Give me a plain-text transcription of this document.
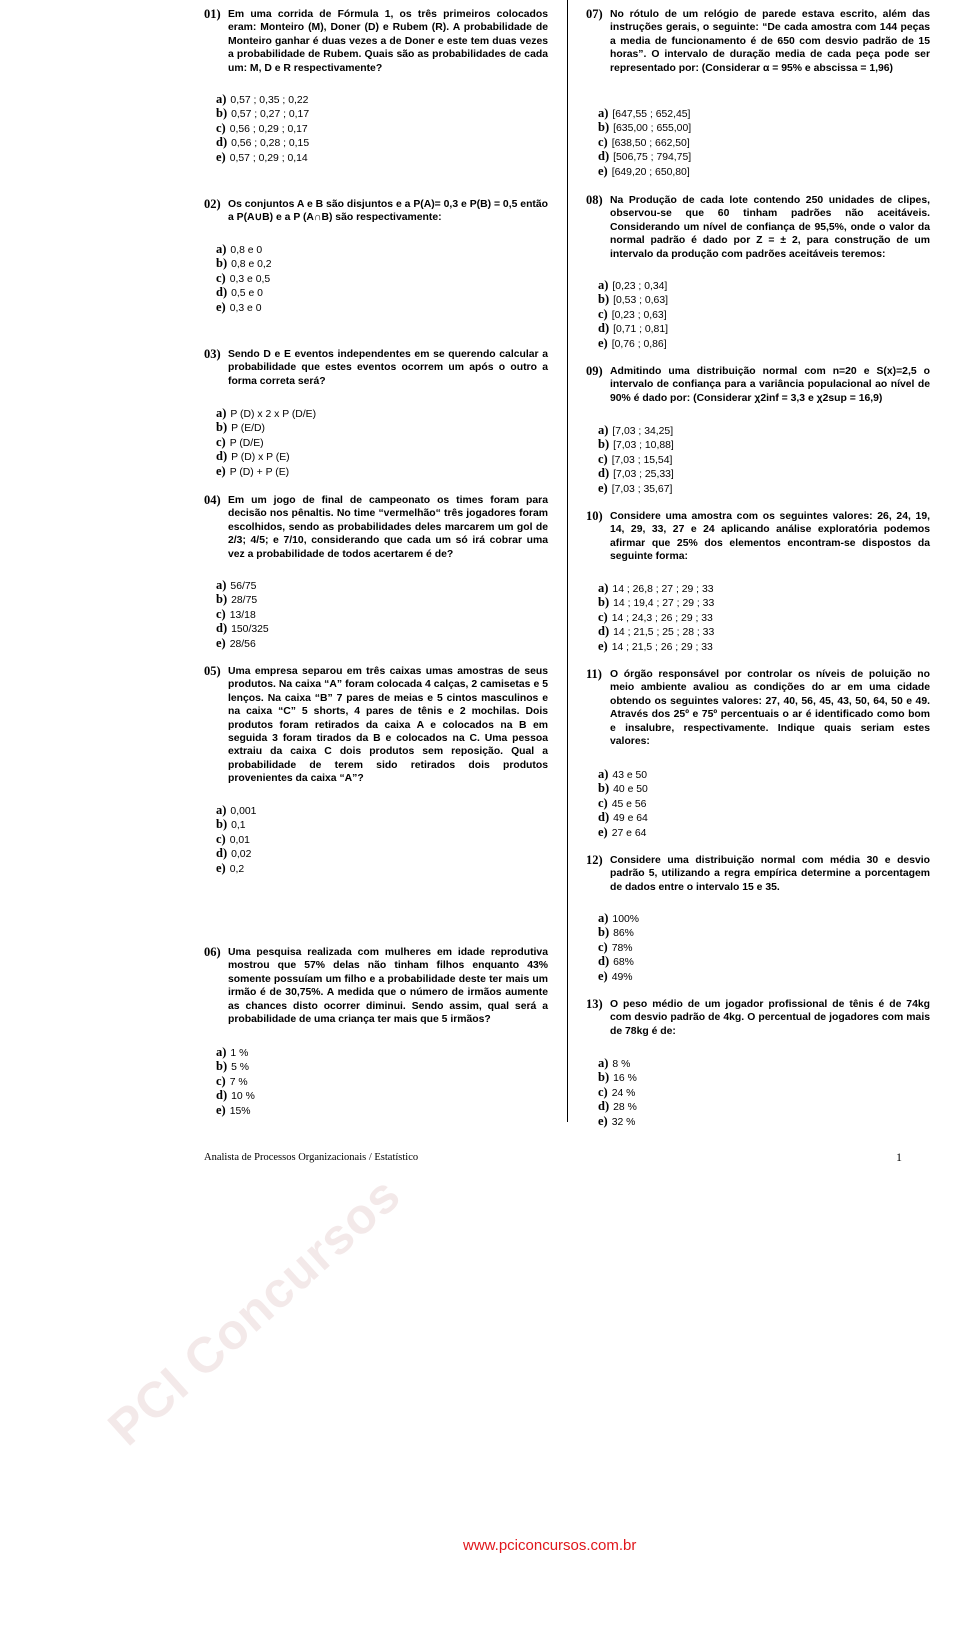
PCI Concursos
Analista de Processos Organizacionais / Estatístico	1
www.pciconcursos.com.br
01) Em uma corrida de Fórmula 1, os três primeiros colocados eram: Monteiro (M), Doner (D) e Rubem (R). A probabilidade de Monteiro ganhar é duas vezes a de Doner e este tem duas vezes a probabilidade de Rubem. Quais são as probabilidades de cada um: M, D e R respectivamente?
a) 0,57 ; 0,35 ; 0,22
b) 0,57 ; 0,27 ; 0,17
c) 0,56 ; 0,29 ; 0,17
d) 0,56 ; 0,28 ; 0,15
e) 0,57 ; 0,29 ; 0,14
02) Os conjuntos A e B são disjuntos e a P(A)= 0,3 e P(B) = 0,5 então a P(A∪B) e a P (A∩B) são respectivamente:
a) 0,8 e 0
b) 0,8 e 0,2
c) 0,3 e 0,5
d) 0,5 e 0
e) 0,3 e 0
03) Sendo D e E eventos independentes em se querendo calcular a probabilidade que estes eventos ocorrem um após o outro a forma correta será?
a) P (D) x 2 x P (D/E)
b) P (E/D)
c) P (D/E)
d) P (D) x P (E)
e) P (D) + P (E)
04) Em um jogo de final de campeonato os times foram para decisão nos pênaltis. No time “vermelhão“ três jogadores foram escolhidos, sendo as probabilidades deles marcarem um gol de 2/3; 4/5; e 7/10, considerando que cada um só irá cobrar uma vez a probabilidade de todos acertarem é de?
a) 56/75
b) 28/75
c) 13/18
d) 150/325
e) 28/56
05) Uma empresa separou em três caixas umas amostras de seus produtos. Na caixa “A” foram colocada 4 calças, 2 camisetas e 5 lenços. Na caixa “B” 7 pares de meias e 5 cintos masculinos e na caixa “C” 5 shorts, 4 pares de tênis e 2 mochilas. Dois produtos foram retirados da caixa A e colocados na B em seguida 3 foram tirados da B e colocados na C. Uma pessoa extraiu da caixa C dois produtos sem reposição. Qual a probabilidade de terem sido retirados dois produtos provenientes da caixa “A”?
a) 0,001
b) 0,1
c) 0,01
d) 0,02
e) 0,2
06) Uma pesquisa realizada com mulheres em idade reprodutiva mostrou que 57% delas não tinham filhos enquanto 43% somente possuíam um filho e a probabilidade deste ter mais um irmão é de 30,75%. A medida que o número de irmãos aumente as chances disto ocorrer diminui. Sendo assim, qual será a probabilidade de uma criança ter mais que 5 irmãos?
a) 1 %
b) 5 %
c) 7 %
d) 10 %
e) 15%
07) No rótulo de um relógio de parede estava escrito, além das instruções gerais, o seguinte: “De cada amostra com 144 peças a media de funcionamento é de 650 com desvio padrão de 15 horas”. O intervalo de duração media de cada peça pode ser representado por: (Considerar α = 95% e abscissa = 1,96)
a) [647,55 ; 652,45]
b) [635,00 ; 655,00]
c) [638,50 ; 662,50]
d) [506,75 ; 794,75]
e) [649,20 ; 650,80]
08) Na Produção de cada lote contendo 250 unidades de clipes, observou-se que 60 tinham padrões não aceitáveis. Considerando um nível de confiança de 95,5%, onde o valor da normal padrão é dado por Z = ± 2, para construção de um intervalo da produção com padrões aceitáveis teremos:
a) [0,23 ; 0,34]
b) [0,53 ; 0,63]
c) [0,23 ; 0,63]
d) [0,71 ; 0,81]
e) [0,76 ; 0,86]
09) Admitindo uma distribuição normal com n=20 e S(x)=2,5 o intervalo de confiança para a variância populacional ao nível de 90% é dado por: (Considerar χ2inf = 3,3 e χ2sup = 16,9)
a) [7,03 ; 34,25]
b) [7,03 ; 10,88]
c) [7,03 ; 15,54]
d) [7,03 ; 25,33]
e) [7,03 ; 35,67]
10) Considere uma amostra com os seguintes valores: 26, 24, 19, 14, 29, 33, 27 e 24 aplicando análise exploratória podemos afirmar que 25% dos elementos encontram-se dispostos da seguinte forma:
a) 14 ; 26,8 ; 27 ; 29 ; 33
b) 14 ; 19,4 ; 27 ; 29 ; 33
c) 14 ; 24,3 ; 26 ; 29 ; 33
d) 14 ; 21,5 ; 25 ; 28 ; 33
e) 14 ; 21,5 ; 26 ; 29 ; 33
11) O órgão responsável por controlar os níveis de poluição no meio ambiente avaliou as condições do ar em uma cidade obtendo os seguintes valores: 27, 40, 56, 45, 43, 50, 64, 50 e 49. Através dos 25º e 75º percentuais o ar é identificado como bom e insalubre, respectivamente. Indique quais seriam estes valores:
a) 43 e 50
b) 40 e 50
c) 45 e 56
d) 49 e 64
e) 27 e 64
12) Considere uma distribuição normal com média 30 e desvio padrão 5, utilizando a regra empírica determine a porcentagem de dados entre o intervalo 15 e 35.
a) 100%
b) 86%
c) 78%
d) 68%
e) 49%
13) O peso médio de um jogador profissional de tênis é de 74kg com desvio padrão de 4kg. O percentual de jogadores com mais de 78kg é de:
a) 8 %
b) 16 %
c) 24 %
d) 28 %
e) 32 %
